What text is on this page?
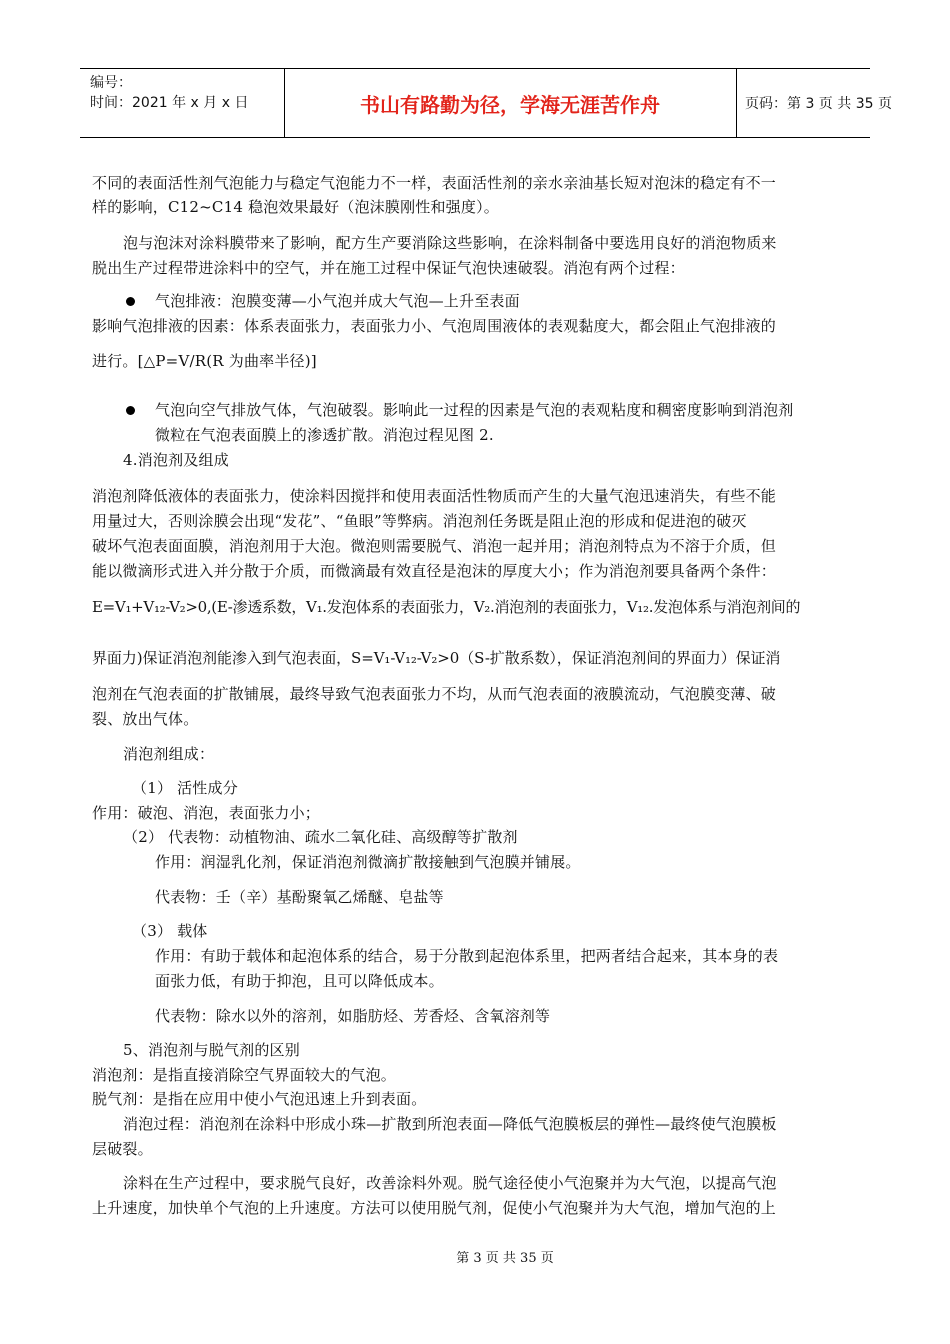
编号：
时间：2021 年 x 月 x 日	书山有路勤为径，学海无涯苦作舟	页码：第 3 页 共 35 页
不同的表面活性剂气泡能力与稳定气泡能力不一样，表面活性剂的亲水亲油基长短对泡沫的稳定有不一
样的影响，C12~C14 稳泡效果最好（泡沫膜刚性和强度）。
泡与泡沫对涂料膜带来了影响，配方生产要消除这些影响，在涂料制备中要选用良好的消泡物质来
脱出生产过程带进涂料中的空气，并在施工过程中保证气泡快速破裂。消泡有两个过程：
气泡排液：泡膜变薄—小气泡并成大气泡—上升至表面
影响气泡排液的因素：体系表面张力，表面张力小、气泡周围液体的表观黏度大，都会阻止气泡排液的
进行。[△P=V/R(R 为曲率半径)]
气泡向空气排放气体，气泡破裂。影响此一过程的因素是气泡的表观粘度和稠密度影响到消泡剂
微粒在气泡表面膜上的渗透扩散。消泡过程见图 2.
4.消泡剂及组成
消泡剂降低液体的表面张力，使涂料因搅拌和使用表面活性物质而产生的大量气泡迅速消失，有些不能
用量过大，否则涂膜会出现“发花”、“鱼眼”等弊病。消泡剂任务既是阻止泡的形成和促进泡的破灭
破坏气泡表面面膜，消泡剂用于大泡。微泡则需要脱气、消泡一起并用；消泡剂特点为不溶于介质，但
能以微滴形式进入并分散于介质，而微滴最有效直径是泡沫的厚度大小；作为消泡剂要具备两个条件：
E=V₁+V₁₂-V₂>0,(E-渗透系数，V₁.发泡体系的表面张力，V₂.消泡剂的表面张力，V₁₂.发泡体系与消泡剂间的
界面力)保证消泡剂能渗入到气泡表面，S=V₁-V₁₂-V₂>0（S-扩散系数），保证消泡剂间的界面力）保证消
泡剂在气泡表面的扩散铺展，最终导致气泡表面张力不均，从而气泡表面的液膜流动，气泡膜变薄、破
裂、放出气体。
消泡剂组成：
（1） 活性成分
作用：破泡、消泡，表面张力小；
（2） 代表物：动植物油、疏水二氧化硅、高级醇等扩散剂
作用：润湿乳化剂，保证消泡剂微滴扩散接触到气泡膜并铺展。
代表物：壬（辛）基酚聚氧乙烯醚、皂盐等
（3） 载体
作用：有助于载体和起泡体系的结合，易于分散到起泡体系里，把两者结合起来，其本身的表
面张力低，有助于抑泡，且可以降低成本。
代表物：除水以外的溶剂，如脂肪烃、芳香烃、含氧溶剂等
5、消泡剂与脱气剂的区别
消泡剂：是指直接消除空气界面较大的气泡。
脱气剂：是指在应用中使小气泡迅速上升到表面。
消泡过程：消泡剂在涂料中形成小珠—扩散到所泡表面—降低气泡膜板层的弹性—最终使气泡膜板
层破裂。
涂料在生产过程中，要求脱气良好，改善涂料外观。脱气途径使小气泡聚并为大气泡，以提高气泡
上升速度，加快单个气泡的上升速度。方法可以使用脱气剂，促使小气泡聚并为大气泡，增加气泡的上
第 3 页 共 35 页
